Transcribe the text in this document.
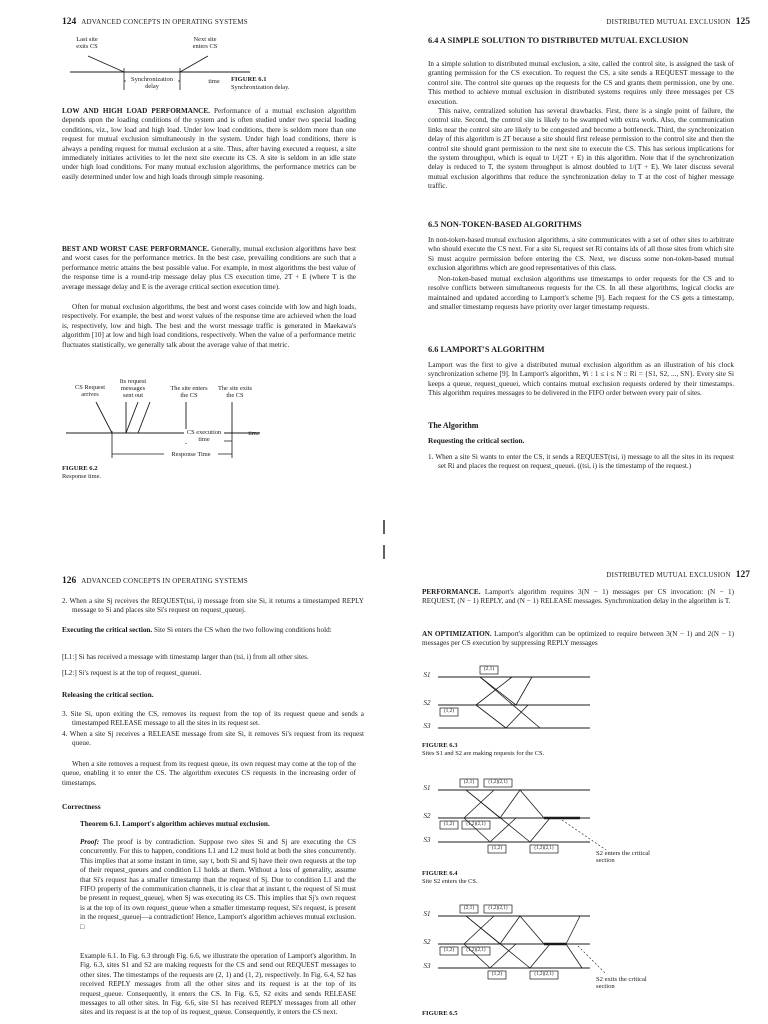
124 ADVANCED CONCEPTS IN OPERATING SYSTEMS
Last site exits CS
Next site enters CS
Synchronization delay
time	FIGURE 6.1
Synchronization delay.

LOW AND HIGH LOAD PERFORMANCE. Performance of a mutual exclusion algorithm depends upon the loading conditions of the system and is often studied under two special loading conditions, viz., low load and high load. Under low load conditions, there is seldom more than one request for mutual exclusion simultaneously in the system. Under high load conditions, there is always a pending request for mutual exclusion at a site. Thus, after having executed a request, a site immediately initiates activities to let the next site execute its CS. A site is seldom in an idle state under high load conditions. For many mutual exclusion algorithms, the performance metrics can be easily determined under low and high loads through simple reasoning.

BEST AND WORST CASE PERFORMANCE. Generally, mutual exclusion algorithms have best and worst cases for the performance metrics. In the best case, prevailing conditions are such that a performance metric attains the best possible value. For example, in most algorithms the best value of the response time is a round-trip message delay plus CS execution time, 2T + E (where T is the average message delay and E is the average critical section execution time).

Often for mutual exclusion algorithms, the best and worst cases coincide with low and high loads, respectively. For example, the best and worst values of the response time are achieved when the load is, respectively, low and high. The best and the worst message traffic is generated in Maekawa's algorithm [10] at low and high load conditions, respectively. When the value of a performance metric fluctuates statistically, we generally talk about the average value of that metric.

CS Request arrives
Its request messages sent out
The site enters the CS
The site exits the CS
CS execution time
time
Response Time
FIGURE 6.2
Response time.
DISTRIBUTED MUTUAL EXCLUSION 125
6.4 A SIMPLE SOLUTION TO DISTRIBUTED MUTUAL EXCLUSION

In a simple solution to distributed mutual exclusion, a site, called the control site, is assigned the task of granting permission for the CS execution. To request the CS, a site sends a REQUEST message to the control site. The control site queues up the requests for the CS and grants them permission, one by one. This method to achieve mutual exclusion in distributed systems requires only three messages per CS execution.

This naive, centralized solution has several drawbacks. First, there is a single point of failure, the control site. Second, the control site is likely to be swamped with extra work. Also, the communication links near the control site are likely to be congested and become a bottleneck. Third, the synchronization delay of this algorithm is 2T because a site should first release permission to the control site and then the control site should grant permission to the next site to execute the CS. This has serious implications for the system throughput, which is equal to 1/(2T + E) in this algorithm. Note that if the synchronization delay is reduced to T, the system throughput is almost doubled to 1/(T + E). We later discuss several mutual exclusion algorithms that reduce the synchronization delay to T at the cost of higher message traffic.

6.5 NON-TOKEN-BASED ALGORITHMS

In non-token-based mutual exclusion algorithms, a site communicates with a set of other sites to arbitrate who should execute the CS next. For a site Si, request set Ri contains ids of all those sites from which site Si must acquire permission before entering the CS. Next, we discuss some non-token-based mutual exclusion algorithms which are good representatives of this class.

Non-token-based mutual exclusion algorithms use timestamps to order requests for the CS and to resolve conflicts between simultaneous requests for the CS. In all these algorithms, logical clocks are maintained and updated according to Lamport's scheme [9]. Each request for the CS gets a timestamp, and smaller timestamp requests have priority over larger timestamp requests.

6.6 LAMPORT'S ALGORITHM

Lamport was the first to give a distributed mutual exclusion algorithm as an illustration of his clock synchronization scheme [9]. In Lamport's algorithm, ∀i : 1 ≤ i ≤ N :: Ri = {S1, S2, ..., SN}. Every site Si keeps a queue, request_queuei, which contains mutual exclusion requests ordered by their timestamps. This algorithm requires messages to be delivered in the FIFO order between every pair of sites.

The Algorithm
Requesting the critical section.

1. When a site Si wants to enter the CS, it sends a REQUEST(tsi, i) message to all the sites in its request set Ri and places the request on request_queuei. ((tsi, i) is the timestamp of the request.)

126 ADVANCED CONCEPTS IN OPERATING SYSTEMS

2. When a site Sj receives the REQUEST(tsi, i) message from site Si, it returns a timestamped REPLY message to Si and places site Si's request on request_queuej.

Executing the critical section. Site Si enters the CS when the two following conditions hold:

[L1:] Si has received a message with timestamp larger than (tsi, i) from all other sites.

[L2:] Si's request is at the top of request_queuei.

Releasing the critical section.

3. Site Si, upon exiting the CS, removes its request from the top of its request queue and sends a timestamped RELEASE message to all the sites in its request set.

4. When a site Sj receives a RELEASE message from site Si, it removes Si's request from its request queue.

When a site removes a request from its request queue, its own request may come at the top of the queue, enabling it to enter the CS. The algorithm executes CS requests in the increasing order of timestamps.

Correctness

Theorem 6.1. Lamport's algorithm achieves mutual exclusion.

Proof: The proof is by contradiction. Suppose two sites Si and Sj are executing the CS concurrently. For this to happen, conditions L1 and L2 must hold at both the sites concurrently. This implies that at some instant in time, say t, both Si and Sj have their own requests at the top of their request_queues and condition L1 holds at them. Without a loss of generality, assume that Si's request has a smaller timestamp than the request of Sj. Due to condition L1 and the FIFO property of the communication channels, it is clear that at instant t, the request of Si must be present in request_queuej, when Sj was executing its CS. This implies that Sj's own request is at the top of its own request_queue when a smaller timestamp request, Si's request, is present in the request_queuej—a contradiction! Hence, Lamport's algorithm achieves mutual exclusion. □

Example 6.1. In Fig. 6.3 through Fig. 6.6, we illustrate the operation of Lamport's algorithm. In Fig. 6.3, sites S1 and S2 are making requests for the CS and send out REQUEST messages to other sites. The timestamps of the requests are (2, 1) and (1, 2), respectively. In Fig. 6.4, S2 has received REPLY messages from all the other sites and its request is at the top of its request_queue. Consequently, it enters the CS. In Fig. 6.5, S2 exits and sends RELEASE messages to all other sites. In Fig. 6.6, site S1 has received REPLY messages from all other sites and its request is at the top of its request_queue. Consequently, it enters the CS next.

DISTRIBUTED MUTUAL EXCLUSION 127

PERFORMANCE. Lamport's algorithm requires 3(N − 1) messages per CS invocation: (N − 1) REQUEST, (N − 1) REPLY, and (N − 1) RELEASE messages. Synchronization delay in the algorithm is T.

AN OPTIMIZATION. Lamport's algorithm can be optimized to require between 3(N − 1) and 2(N − 1) messages per CS execution by suppressing REPLY messages

(2,1)
(1,2)
S1
S2
S3
FIGURE 6.3
Sites S1 and S2 are making requests for the CS.
(2,1)	(1,2)(2,1)
(1,2)	(1,2)(2,1)
(1,2)	(1,2)(2,1)
S1
S2
S3
S2 enters the critical section
FIGURE 6.4
Site S2 enters the CS.
(2,1)	(1,2)(2,1)
(1,2)	(1,2)(2,1)
(1,2)	(1,2)(2,1)
S1
S2
S3
S2 exits the critical section
FIGURE 6.5
